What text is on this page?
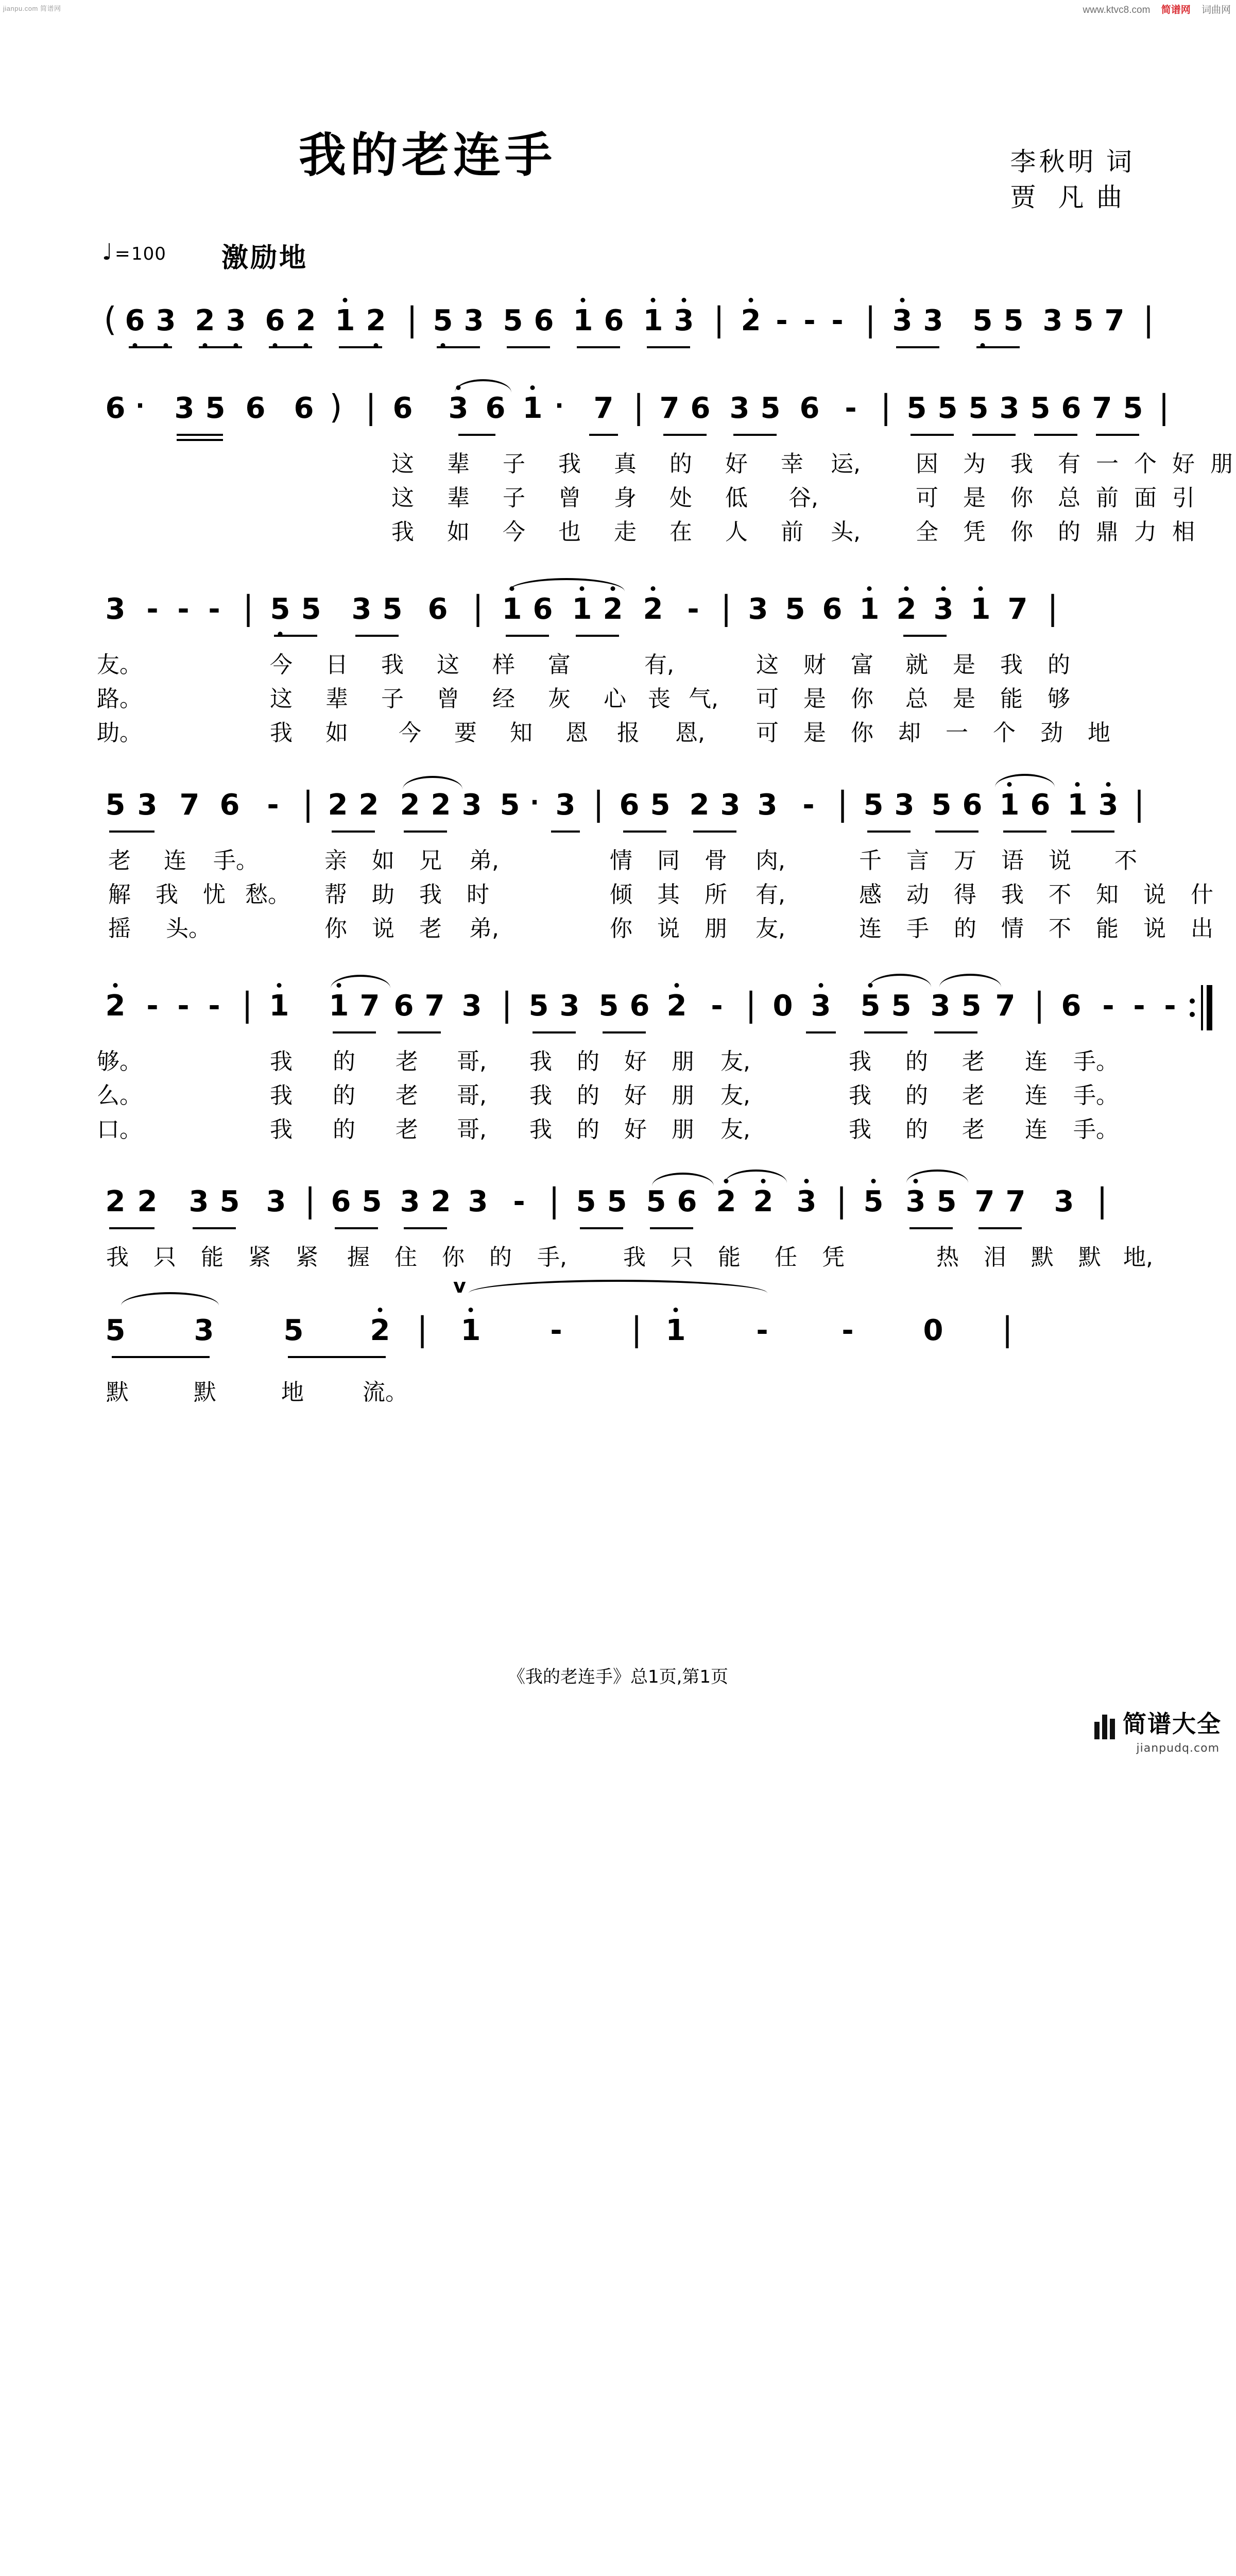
jianpu.com 简谱网	www.ktvc8.com 简谱网 词曲网
我的老连手	李秋明 词
贾  凡 曲
♩ = 100 激励地

(

6

3

2

3

6

2

1

2

|

5

3

5

6

1

6

1

3

|

2

-

-

-

|

3

3

5

5

3

5

7

|

6

·

3

5

6

6

)

|

6

3

6

1

·

7

|

7

6

3

5

6

-

|

5

5

5

3

5

6

7

5

|

这

辈

子

我

真

的

好

幸

运,

因

为

我

有

一

个

好

朋

这

辈

子

曾

身

处

低

谷,

	可

是

你

总

前

面

引

我

如

今

也

走

在

人

前

头,

全

凭

你

的

鼎

力

相

3

-

-

-

|

5

5

3

5

6

|

1

6

1

2

2

-

|

3

5

6

1

2

3

1

7

|

友。

	今

日

我

这

样

富

	有,

	这

财

富

就

是

我

的

路。

	这

辈

子

曾

经

灰

心

丧

气,

可

是

你

总

是

能

够

助。

	我

如

今

要

知

恩

报

恩,

可

是

你

却

一

个

劲

地

5

3

7

6

-

|

2

2

2

2

3

5

·

3

|

6

5

2

3

3

-

|

5

3

5

6

1

6

1

3

|

老

连

手。

	亲

如

兄

弟,

	情

同

骨

肉,

	千

言

万

语

说

不

解

我

忧

愁。

帮

助

我

时

	倾

其

所

有,

	感

动

得

我

不

知

说

什

摇

头。

	你

说

老

弟,

	你

说

朋

友,

	连

手

的

情

不

能

说

出

2

-

-

-

|

1

1

7

6

7

3

|

5

3

5

6

2

-

|

0

3

5

5

3

5

7

|

6

-

-

-

够。

	我

的

老

哥,

我

的

好

朋

友,

	我

的

老

连

手。

么。

	我

的

老

哥,

我

的

好

朋

友,

	我

的

老

连

手。

口。

	我

的

老

哥,

我

的

好

朋

友,

	我

的

老

连

手。

2

2

3

5

3

|

6

5

3

2

3

-

|

5

5

5

6

2

2

3

|

5

3

5

7

7

3

|

我

只

能

紧

紧

握

住

你

的

手,

我

只

能

任

凭

	热

泪

默

默

地,

ᴠ

5

3

5

2

|

1

-

|

1

-

	-

0

|

默

	默

	地

	流。

《我的老连手》总1页,第1页
简谱大全
jianpudq.com
